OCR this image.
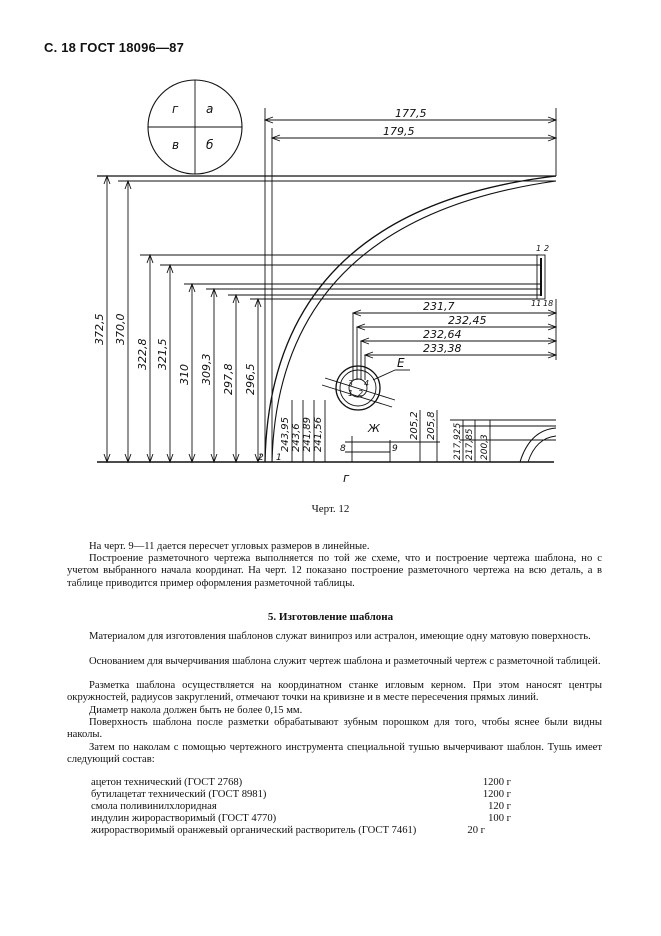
С. 18 ГОСТ 18096—87
г а
в б
177,5
179,5
231,7
232,45
232,64
233,38
372,5 370,0
322,8 321,5
310 309,3 297,8 296,5
243,95 243,6 241,89 241,56	205,2 205,8 217,925 217,85 200,3
1 2
2 1
11 18
3 4
1 2
8	9
Е
Ж
г
Черт. 12
На черт. 9—11 дается пересчет угловых размеров в линейные.
Построение разметочного чертежа выполняется по той же схеме, что и построение чертежа шаблона, но с учетом выбранного начала координат. На черт. 12 показано построение разметочного чертежа на всю деталь, а в таблице приводится пример оформления разметочной таблицы.
5. Изготовление шаблона
Материалом для изготовления шаблонов служат винипроз или астралон, имеющие одну матовую поверхность.
Основанием для вычерчивания шаблона служит чертеж шаблона и разметочный чертеж с разметочной таблицей.
Разметка шаблона осуществляется на координатном станке игловым керном. При этом наносят центры окружностей, радиусов закруглений, отмечают точки на кривизне и в месте пересечения прямых линий.
Диаметр накола должен быть не более 0,15 мм.
Поверхность шаблона после разметки обрабатывают зубным порошком для того, чтобы яснее были видны наколы.
Затем по наколам с помощью чертежного инструмента специальной тушью вычерчивают шаблон. Тушь имеет следующий состав:
ацетон технический (ГОСТ 2768)	1200 г
бутилацетат технический (ГОСТ 8981)	1200 г
смола поливинилхлоридная	120 г
индулин жирорастворимый (ГОСТ 4770)	100 г
жирорастворимый оранжевый органический растворитель (ГОСТ 7461)	20 г
